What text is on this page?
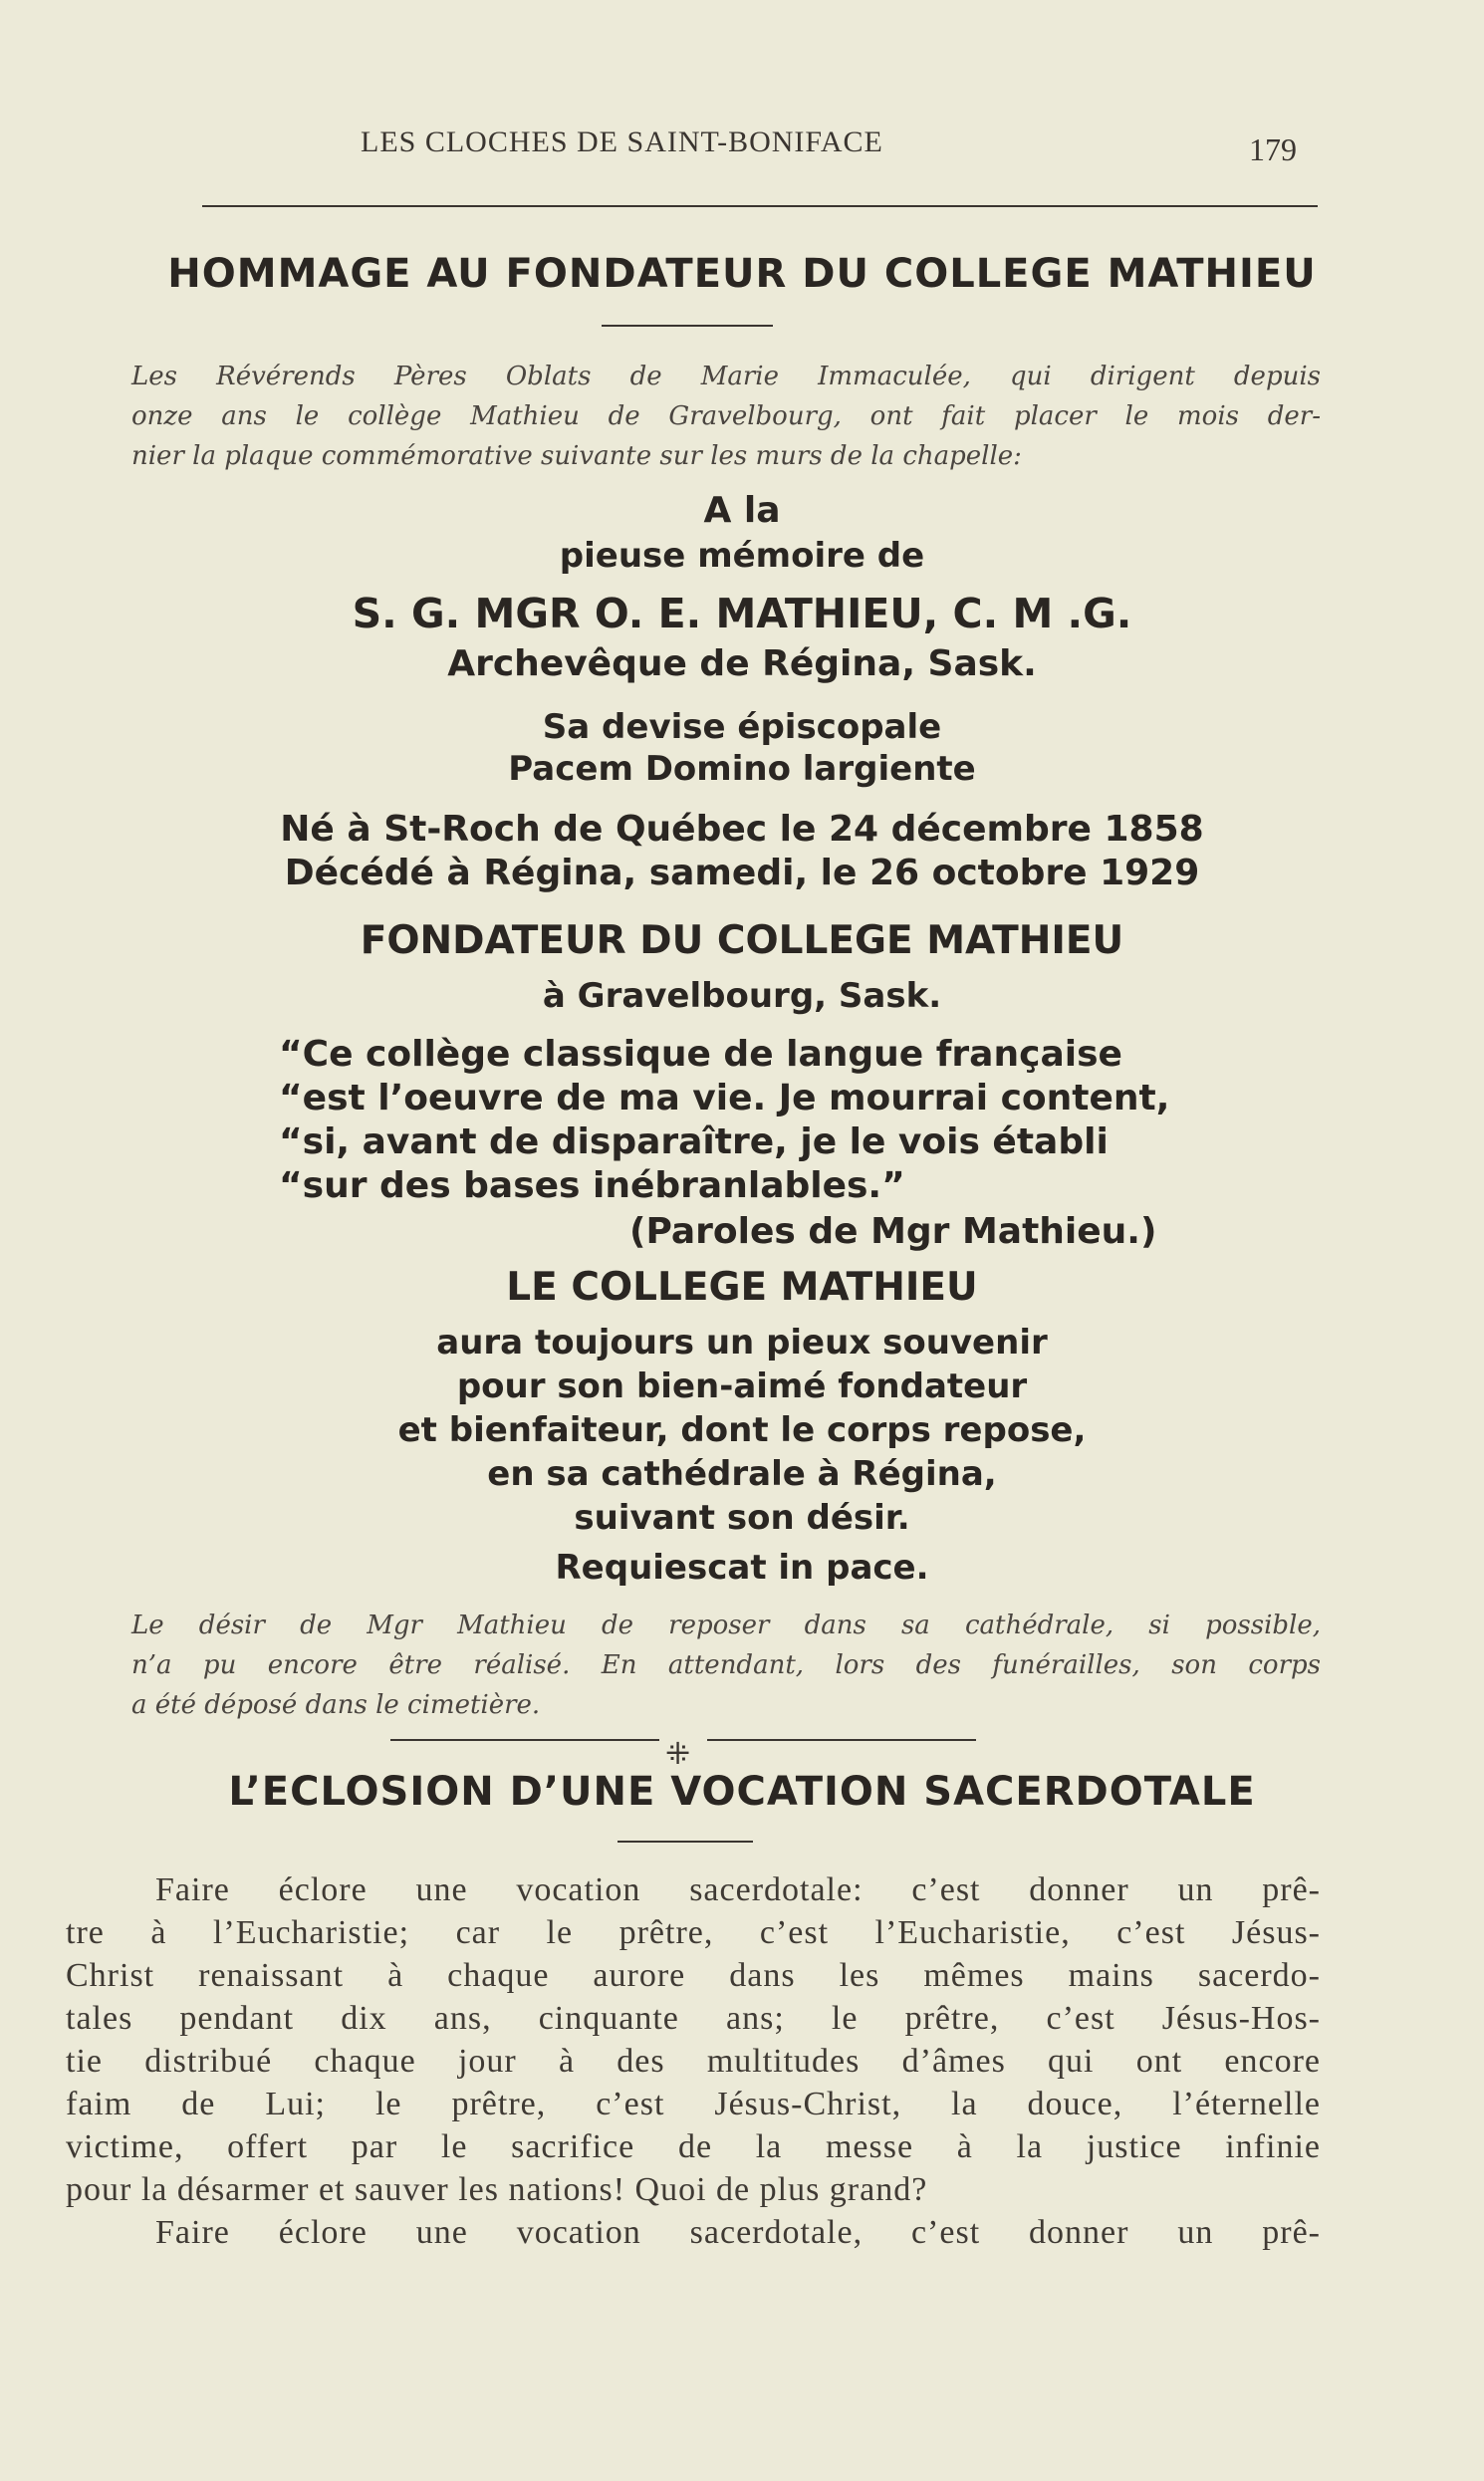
LES CLOCHES DE SAINT-BONIFACE	179
HOMMAGE AU FONDATEUR DU COLLEGE MATHIEU

Les Révérends Pères Oblats de Marie Immaculée, qui dirigent depuis
onze ans le collège Mathieu de Gravelbourg, ont fait placer le mois der-
nier la plaque commémorative suivante sur les murs de la chapelle:

A la
pieuse mémoire de
S. G. MGR O. E. MATHIEU, C. M .G.
Archevêque de Régina, Sask.
Sa devise épiscopale
Pacem Domino largiente
Né à St-Roch de Québec le 24 décembre 1858
Décédé à Régina, samedi, le 26 octobre 1929
FONDATEUR DU COLLEGE MATHIEU
à Gravelbourg, Sask.
“Ce collège classique de langue française
“est l’oeuvre de ma vie. Je mourrai content,
“si, avant de disparaître, je le vois établi
“sur des bases inébranlables.”
(Paroles de Mgr Mathieu.)
LE COLLEGE MATHIEU
aura toujours un pieux souvenir
pour son bien-aimé fondateur
et bienfaiteur, dont le corps repose,
en sa cathédrale à Régina,
suivant son désir.
Requiescat in pace.

Le désir de Mgr Mathieu de reposer dans sa cathédrale, si possible,
n’a pu encore être réalisé. En attendant, lors des funérailles, son corps
a été déposé dans le cimetière.

⁜
L’ECLOSION D’UNE VOCATION SACERDOTALE
Faire éclore une vocation sacerdotale: c’est donner un prê-
tre à l’Eucharistie; car le prêtre, c’est l’Eucharistie, c’est Jésus-
Christ renaissant à chaque aurore dans les mêmes mains sacerdo-
tales pendant dix ans, cinquante ans; le prêtre, c’est Jésus-Hos-
tie distribué chaque jour à des multitudes d’âmes qui ont encore
faim de Lui; le prêtre, c’est Jésus-Christ, la douce, l’éternelle
victime, offert par le sacrifice de la messe à la justice infinie
pour la désarmer et sauver les nations! Quoi de plus grand?
Faire éclore une vocation sacerdotale, c’est donner un prê-
